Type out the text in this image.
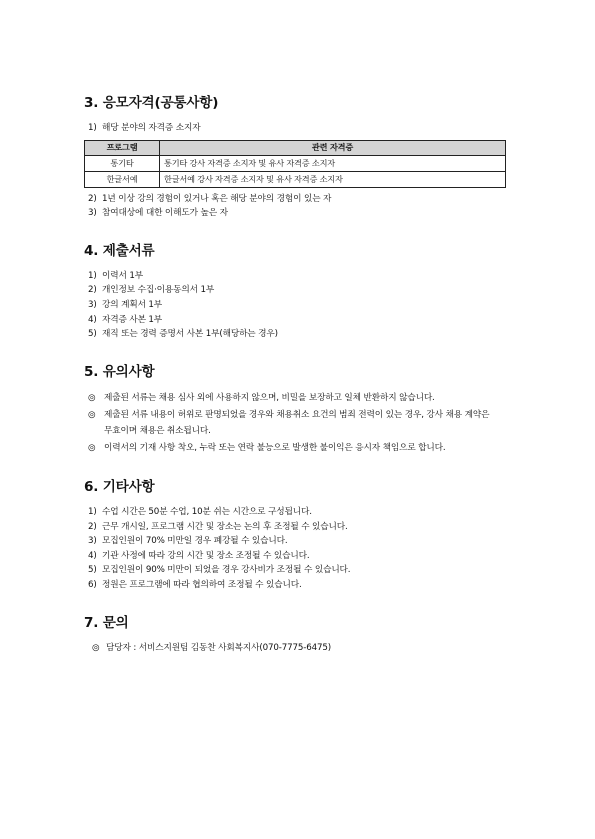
3. 응모자격(공통사항)
1) 해당 분야의 자격증 소지자
프로그램	관련 자격증
통기타	통기타 강사 자격증 소지자 및 유사 자격증 소지자
한글서예	한글서예 강사 자격증 소지자 및 유사 자격증 소지자
2) 1년 이상 강의 경험이 있거나 혹은 해당 분야의 경험이 있는 자
3) 참여대상에 대한 이해도가 높은 자
4. 제출서류
1) 이력서 1부
2) 개인정보 수집·이용동의서 1부
3) 강의 계획서 1부
4) 자격증 사본 1부
5) 재직 또는 경력 증명서 사본 1부(해당하는 경우)
5. 유의사항
◎ 제출된 서류는 채용 심사 외에 사용하지 않으며, 비밀을 보장하고 일체 반환하지 않습니다.
◎ 제출된 서류 내용이 허위로 판명되었을 경우와 채용취소 요건의 범죄 전력이 있는 경우, 강사 채용 계약은 무효이며 채용은 취소됩니다.
◎ 이력서의 기재 사항 착오, 누락 또는 연락 불능으로 발생한 불이익은 응시자 책임으로 합니다.
6. 기타사항
1) 수업 시간은 50분 수업, 10분 쉬는 시간으로 구성됩니다.
2) 근무 개시일, 프로그램 시간 및 장소는 논의 후 조정될 수 있습니다.
3) 모집인원이 70% 미만일 경우 폐강될 수 있습니다.
4) 기관 사정에 따라 강의 시간 및 장소 조정될 수 있습니다.
5) 모집인원이 90% 미만이 되었을 경우 강사비가 조정될 수 있습니다.
6) 정원은 프로그램에 따라 협의하여 조정될 수 있습니다.
7. 문의
◎ 담당자 : 서비스지원팀 김동찬 사회복지사(070-7775-6475)
